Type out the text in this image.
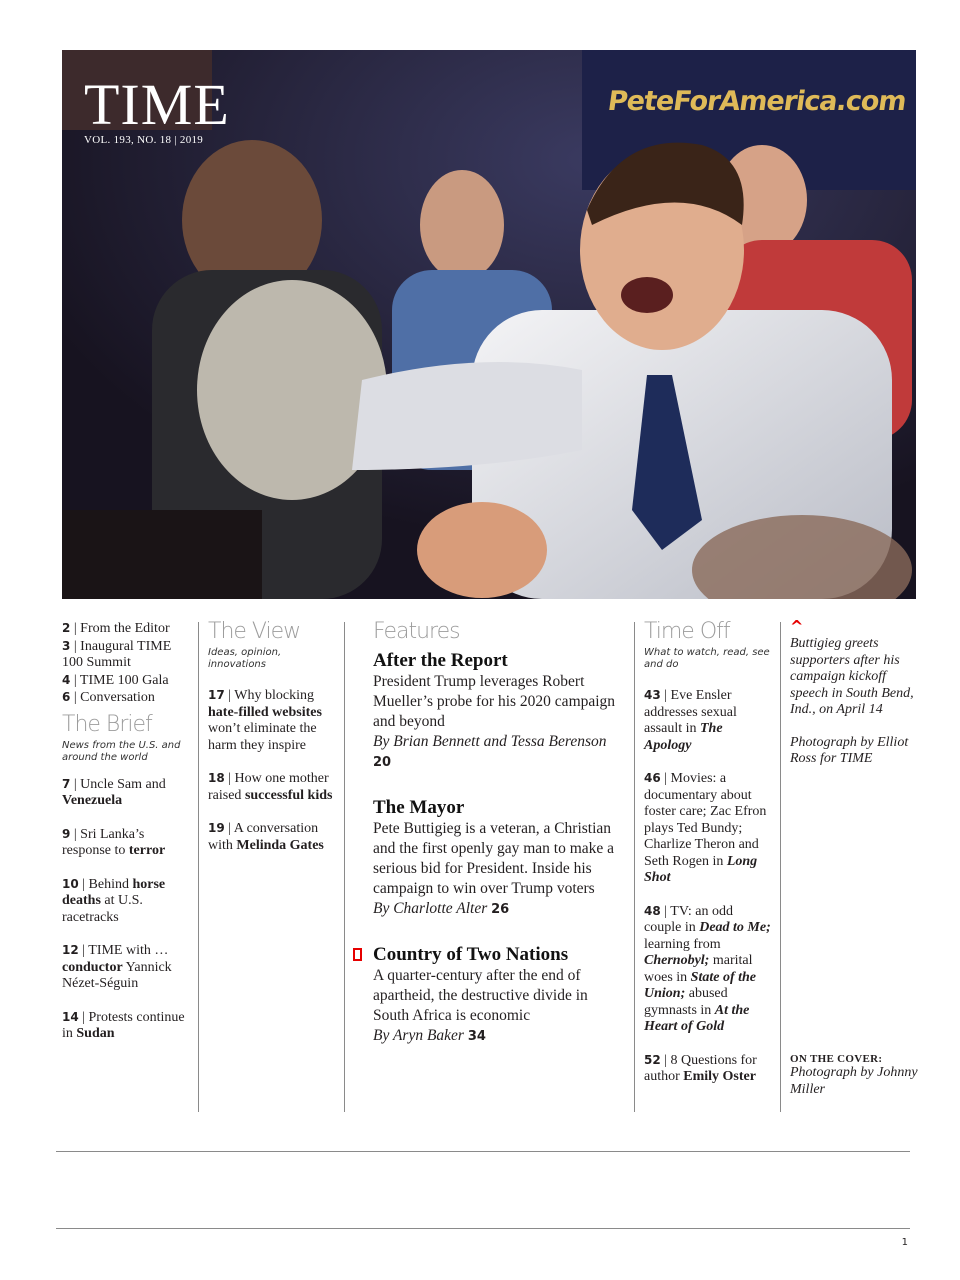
TIME
VOL. 193, NO. 18 | 2019
PeteForAmerica.com
2 | From the Editor
3 | Inaugural TIME 100 Summit
4 | TIME 100 Gala
6 | Conversation
The Brief
News from the U.S. and around the world
7 | Uncle Sam and Venezuela
9 | Sri Lanka’s response to terror
10 | Behind horse deaths at U.S. racetracks
12 | TIME with … conductor Yannick Nézet-Séguin
14 | Protests continue in Sudan
The View
Ideas, opinion, innovations
17 | Why blocking hate-filled websites won’t eliminate the harm they inspire
18 | How one mother raised successful kids
19 | A conversation with Melinda Gates
Features
After the Report
President Trump leverages Robert Mueller’s probe for his 2020 campaign and beyond
By Brian Bennett and Tessa Berenson 20
The Mayor
Pete Buttigieg is a veteran, a Christian and the first openly gay man to make a serious bid for President. Inside his campaign to win over Trump voters
By Charlotte Alter 26
Country of Two Nations
A quarter-century after the end of apartheid, the destructive divide in South Africa is economic
By Aryn Baker 34
Time Off
What to watch, read, see and do
43 | Eve Ensler addresses sexual assault in The Apology
46 | Movies: a documentary about foster care; Zac Efron plays Ted Bundy; Charlize Theron and Seth Rogen in Long Shot
48 | TV: an odd couple in Dead to Me; learning from Chernobyl; marital woes in State of the Union; abused gymnasts in At the Heart of Gold
52 | 8 Questions for author Emily Oster
^
Buttigieg greets supporters after his campaign kickoff speech in South Bend, Ind., on April 14
Photograph by Elliot Ross for TIME
ON THE COVER:
Photograph by Johnny Miller
1
